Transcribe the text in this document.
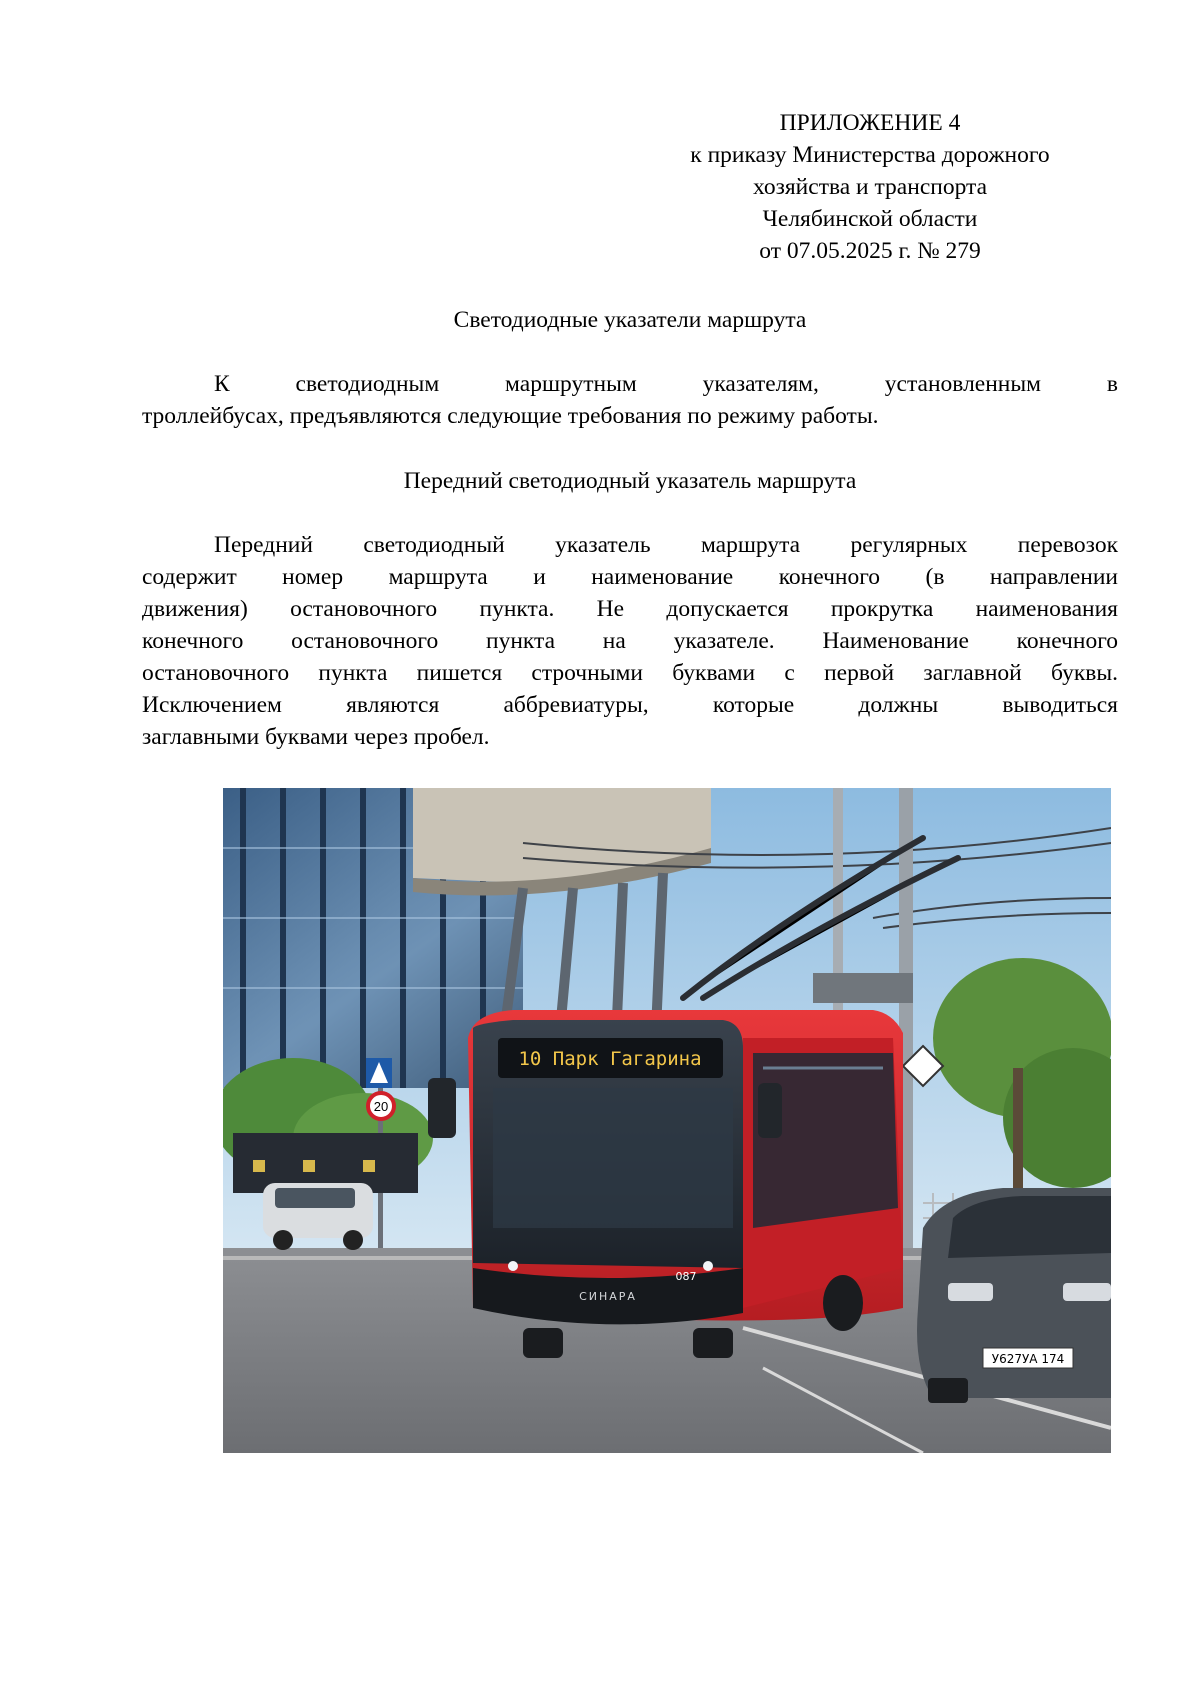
ПРИЛОЖЕНИЕ 4
к приказу Министерства дорожного
хозяйства и транспорта
Челябинской области
от 07.05.2025 г. № 279
Светодиодные указатели маршрута
К светодиодным маршрутным указателям, установленным в
троллейбусах, предъявляются следующие требования по режиму работы.
Передний светодиодный указатель маршрута
Передний светодиодный указатель маршрута регулярных перевозок
содержит номер маршрута и наименование конечного (в направлении
движения) остановочного пункта. Не допускается прокрутка наименования
конечного остановочного пункта на указателе. Наименование конечного
остановочного пункта пишется строчными буквами с первой заглавной буквы.
Исключением являются аббревиатуры, которые должны выводиться
заглавными буквами через пробел.
20
10 Парк Гагарина
СИНАРА
087
У627УА 174
